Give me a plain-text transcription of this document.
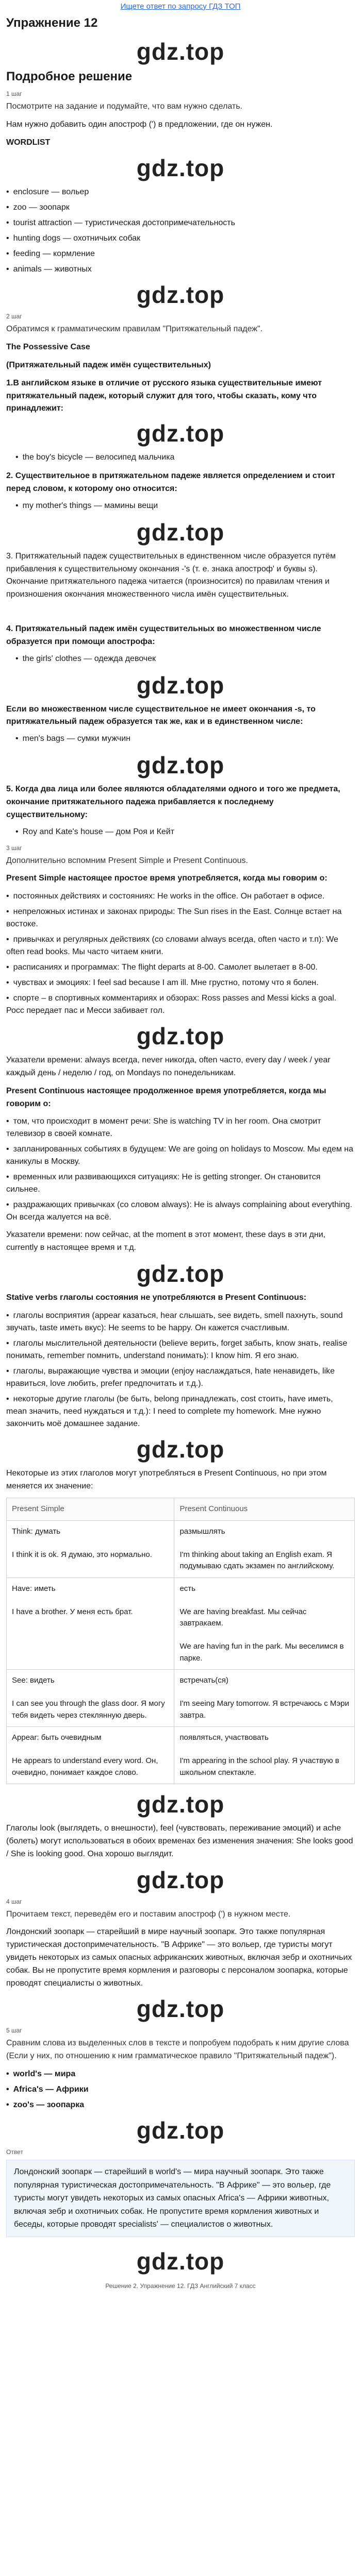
Ищете ответ по запросу ГДЗ ТОП
Упражнение 12
gdz.top
Подробное решение
1 шаг
Посмотрите на задание и подумайте, что вам нужно сделать.
Нам нужно добавить один апостроф (') в предложении, где он нужен.
WORDLIST
gdz.top
• enclosure — вольер
• zoo — зоопарк
• tourist attraction — туристическая достопримечательность
• hunting dogs — охотничьих собак
• feeding — кормление
• animals — животных
gdz.top
2 шаг
Обратимся к грамматическим правилам "Притяжательный падеж".
The Possessive Case
(Притяжательный падеж имён существительных)
1.В английском языке в отличие от русского языка существительные имеют притяжательный падеж, который служит для того, чтобы сказать, кому что принадлежит:
gdz.top
• the boy's bicycle — велосипед мальчика
2. Существительное в притяжательном падеже является определением и стоит перед словом, к которому оно относится:
• my mother's things — мамины вещи
gdz.top
3. Притяжательный падеж существительных в единственном числе образуется путём прибавления к существительному окончания -'s (т. е. знака апостроф' и буквы s). Окончание притяжательного падежа читается (произносится) по правилам чтения и произношения окончания множественного числа имён существительных.
4. Притяжательный падеж имён существительных во множественном числе образуется при помощи апострофа:
• the girls' clothes — одежда девочек
gdz.top
Если во множественном числе существительное не имеет окончания -s, то притяжательный падеж образуется так же, как и в единственном числе:
• men's bags — сумки мужчин
gdz.top
5. Когда два лица или более являются обладателями одного и того же предмета, окончание притяжательного падежа прибавляется к последнему существительному:
• Roy and Kate's house — дом Роя и Кейт
3 шаг
Дополнительно вспомним Present Simple и Present Continuous.
Present Simple настоящее простое время употребляется, когда мы говорим о:
• постоянных действиях и состояниях: He works in the office. Он работает в офисе.
• непреложных истинах и законах природы: The Sun rises in the East. Солнце встает на востоке.
• привычках и регулярных действиях (со словами always всегда, often часто и т.п): We often read books. Мы часто читаем книги.
• расписаниях и программах: The flight departs at 8-00. Самолет вылетает в 8-00.
• чувствах и эмоциях: I feel sad because I am ill. Мне грустно, потому что я болен.
• спорте – в спортивных комментариях и обзорах: Ross passes and Messi kicks a goal. Росс передает пас и Месси забивает гол.
gdz.top
Указатели времени: always всегда, never никогда, often часто, every day / week / year каждый день / неделю / год, on Mondays по понедельникам.
Present Continuous настоящее продолженное время употребляется, когда мы говорим о:
• том, что происходит в момент речи: She is watching TV in her room. Она смотрит телевизор в своей комнате.
• запланированных событиях в будущем: We are going on holidays to Moscow. Мы едем на каникулы в Москву.
• временных или развивающихся ситуациях: He is getting stronger. Он становится сильнее.
• раздражающих привычках (со словом always): He is always complaining about everything. Он всегда жалуется на всё.
Указатели времени: now сейчас, at the moment в этот момент, these days в эти дни, currently в настоящее время и т.д.
gdz.top
Stative verbs глаголы состояния не употребляются в Present Continuous:
• глаголы восприятия (appear казаться, hear слышать, see видеть, smell пахнуть, sound звучать, taste иметь вкус): He seems to be happy. Он кажется счастливым.
• глаголы мыслительной деятельности (believe верить, forget забыть, know знать, realise понимать, remember помнить, understand понимать): I know him. Я его знаю.
• глаголы, выражающие чувства и эмоции (enjoy наслаждаться, hate ненавидеть, like нравиться, love любить, prefer предпочитать и т.д.).
• некоторые другие глаголы (be быть, belong принадлежать, cost стоить, have иметь, mean значить, need нуждаться и т.д.): I need to complete my homework. Мне нужно закончить моё домашнее задание.
gdz.top
Некоторые из этих глаголов могут употребляться в Present Continuous, но при этом меняется их значение:
Present Simple	Present Continuous
Think: думать

I think it is ok. Я думаю, это нормально.	размышлять

I'm thinking about taking an English exam. Я подумываю сдать экзамен по английскому.
Have: иметь

I have a brother. У меня есть брат.	есть

We are having breakfast. Мы сейчас завтракаем.

We are having fun in the park. Мы веселимся в парке.
See: видеть

I can see you through the glass door. Я могу тебя видеть через стеклянную дверь.	встречать(ся)

I'm seeing Mary tomorrow. Я встречаюсь с Мэри завтра.
Appear: быть очевидным

He appears to understand every word. Он, очевидно, понимает каждое слово.	появляться, участвовать

I'm appearing in the school play. Я участвую в школьном спектакле.
gdz.top
Глаголы look (выглядеть, о внешности), feel (чувствовать, переживание эмоций) и ache (болеть) могут использоваться в обоих временах без изменения значения: She looks good / She is looking good. Она хорошо выглядит.
gdz.top
4 шаг
Прочитаем текст, переведём его и поставим апостроф (') в нужном месте.
Лондонский зоопарк — старейший в мире научный зоопарк. Это также популярная туристическая достопримечательность. "В Африке" — это вольер, где туристы могут увидеть некоторых из самых опасных африканских животных, включая зебр и охотничьих собак. Вы не пропустите время кормления и разговоры с персоналом зоопарка, которые проводят специалисты о животных.
gdz.top
5 шаг
Сравним слова из выделенных слов в тексте и попробуем подобрать к ним другие слова (Если у них, по отношению к ним грамматическое правило "Притяжательный падеж").
• world's — мира
• Africa's — Африки
• zoo's — зоопарка
gdz.top
Ответ
Лондонский зоопарк — старейший в world's — мира научный зоопарк. Это также популярная туристическая достопримечательность. "В Африке" — это вольер, где туристы могут увидеть некоторых из самых опасных Africa's — Африки животных, включая зебр и охотничьих собак. Не пропустите время кормления животных и беседы, которые проводят specialists' — специалистов о животных.
gdz.top
Решение 2. Упражнение 12. ГДЗ Английский 7 класс
